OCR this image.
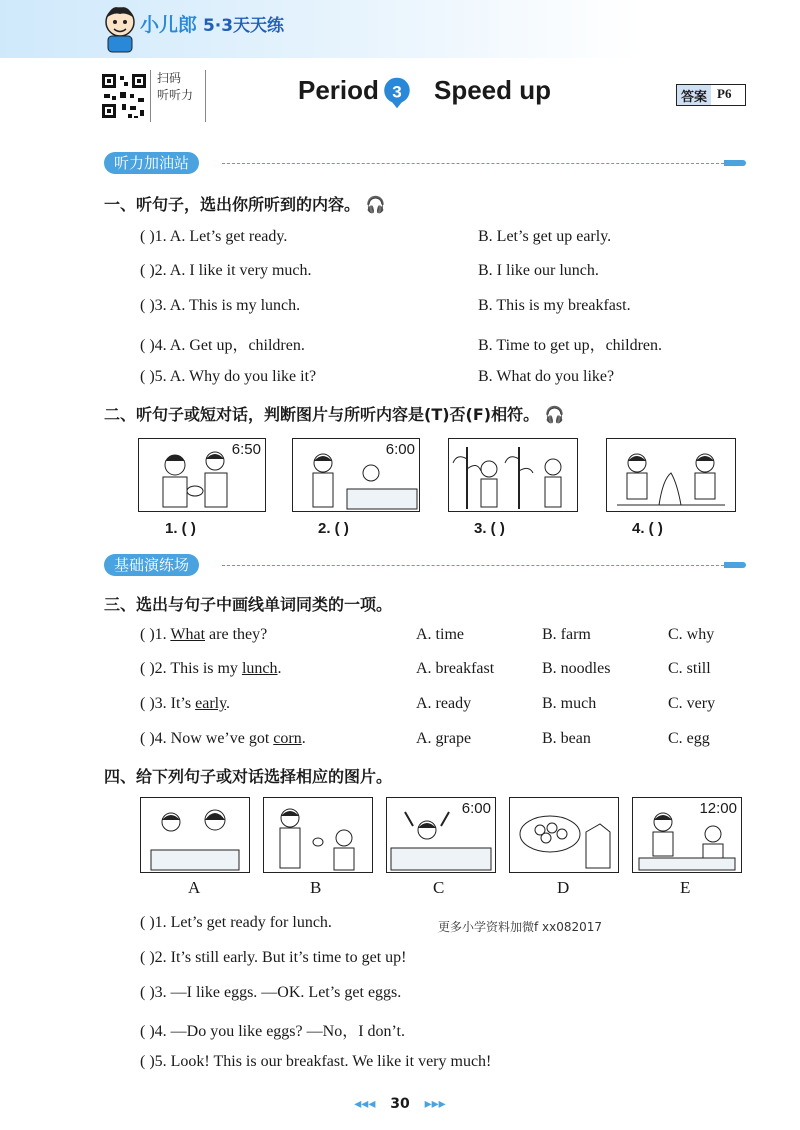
小儿郎 5·3天天练
扫码
听听力	Period 3 Speed up	答案 P6
听力加油站
一、听句子，选出你所听到的内容。 🎧
( )1. A. Let’s get ready.	B. Let’s get up early.
( )2. A. I like it very much.	B. I like our lunch.
( )3. A. This is my lunch.	B. This is my breakfast.
( )4. A. Get up，children.	B. Time to get up，children.
( )5. A. Why do you like it?	B. What do you like?
二、听句子或短对话，判断图片与所听内容是(T)否(F)相符。 🎧
6:50	6:00
1. ( )	2. ( )	3. ( )	4. ( )
基础演练场
三、选出与句子中画线单词同类的一项。
( )1. What are they?	A. time	B. farm	C. why
( )2. This is my lunch.	A. breakfast	B. noodles	C. still
( )3. It’s early.	A. ready	B. much	C. very
( )4. Now we’ve got corn.	A. grape	B. bean	C. egg
四、给下列句子或对话选择相应的图片。
6:00	12:00
A	B	C	D	E
( )1. Let’s get ready for lunch.	更多小学资料加微f xx082017
( )2. It’s still early. But it’s time to get up!
( )3. —I like eggs. —OK. Let’s get eggs.
( )4. —Do you like eggs? —No，I don’t.
( )5. Look! This is our breakfast. We like it very much!
◂◂◂ 30 ▸▸▸
